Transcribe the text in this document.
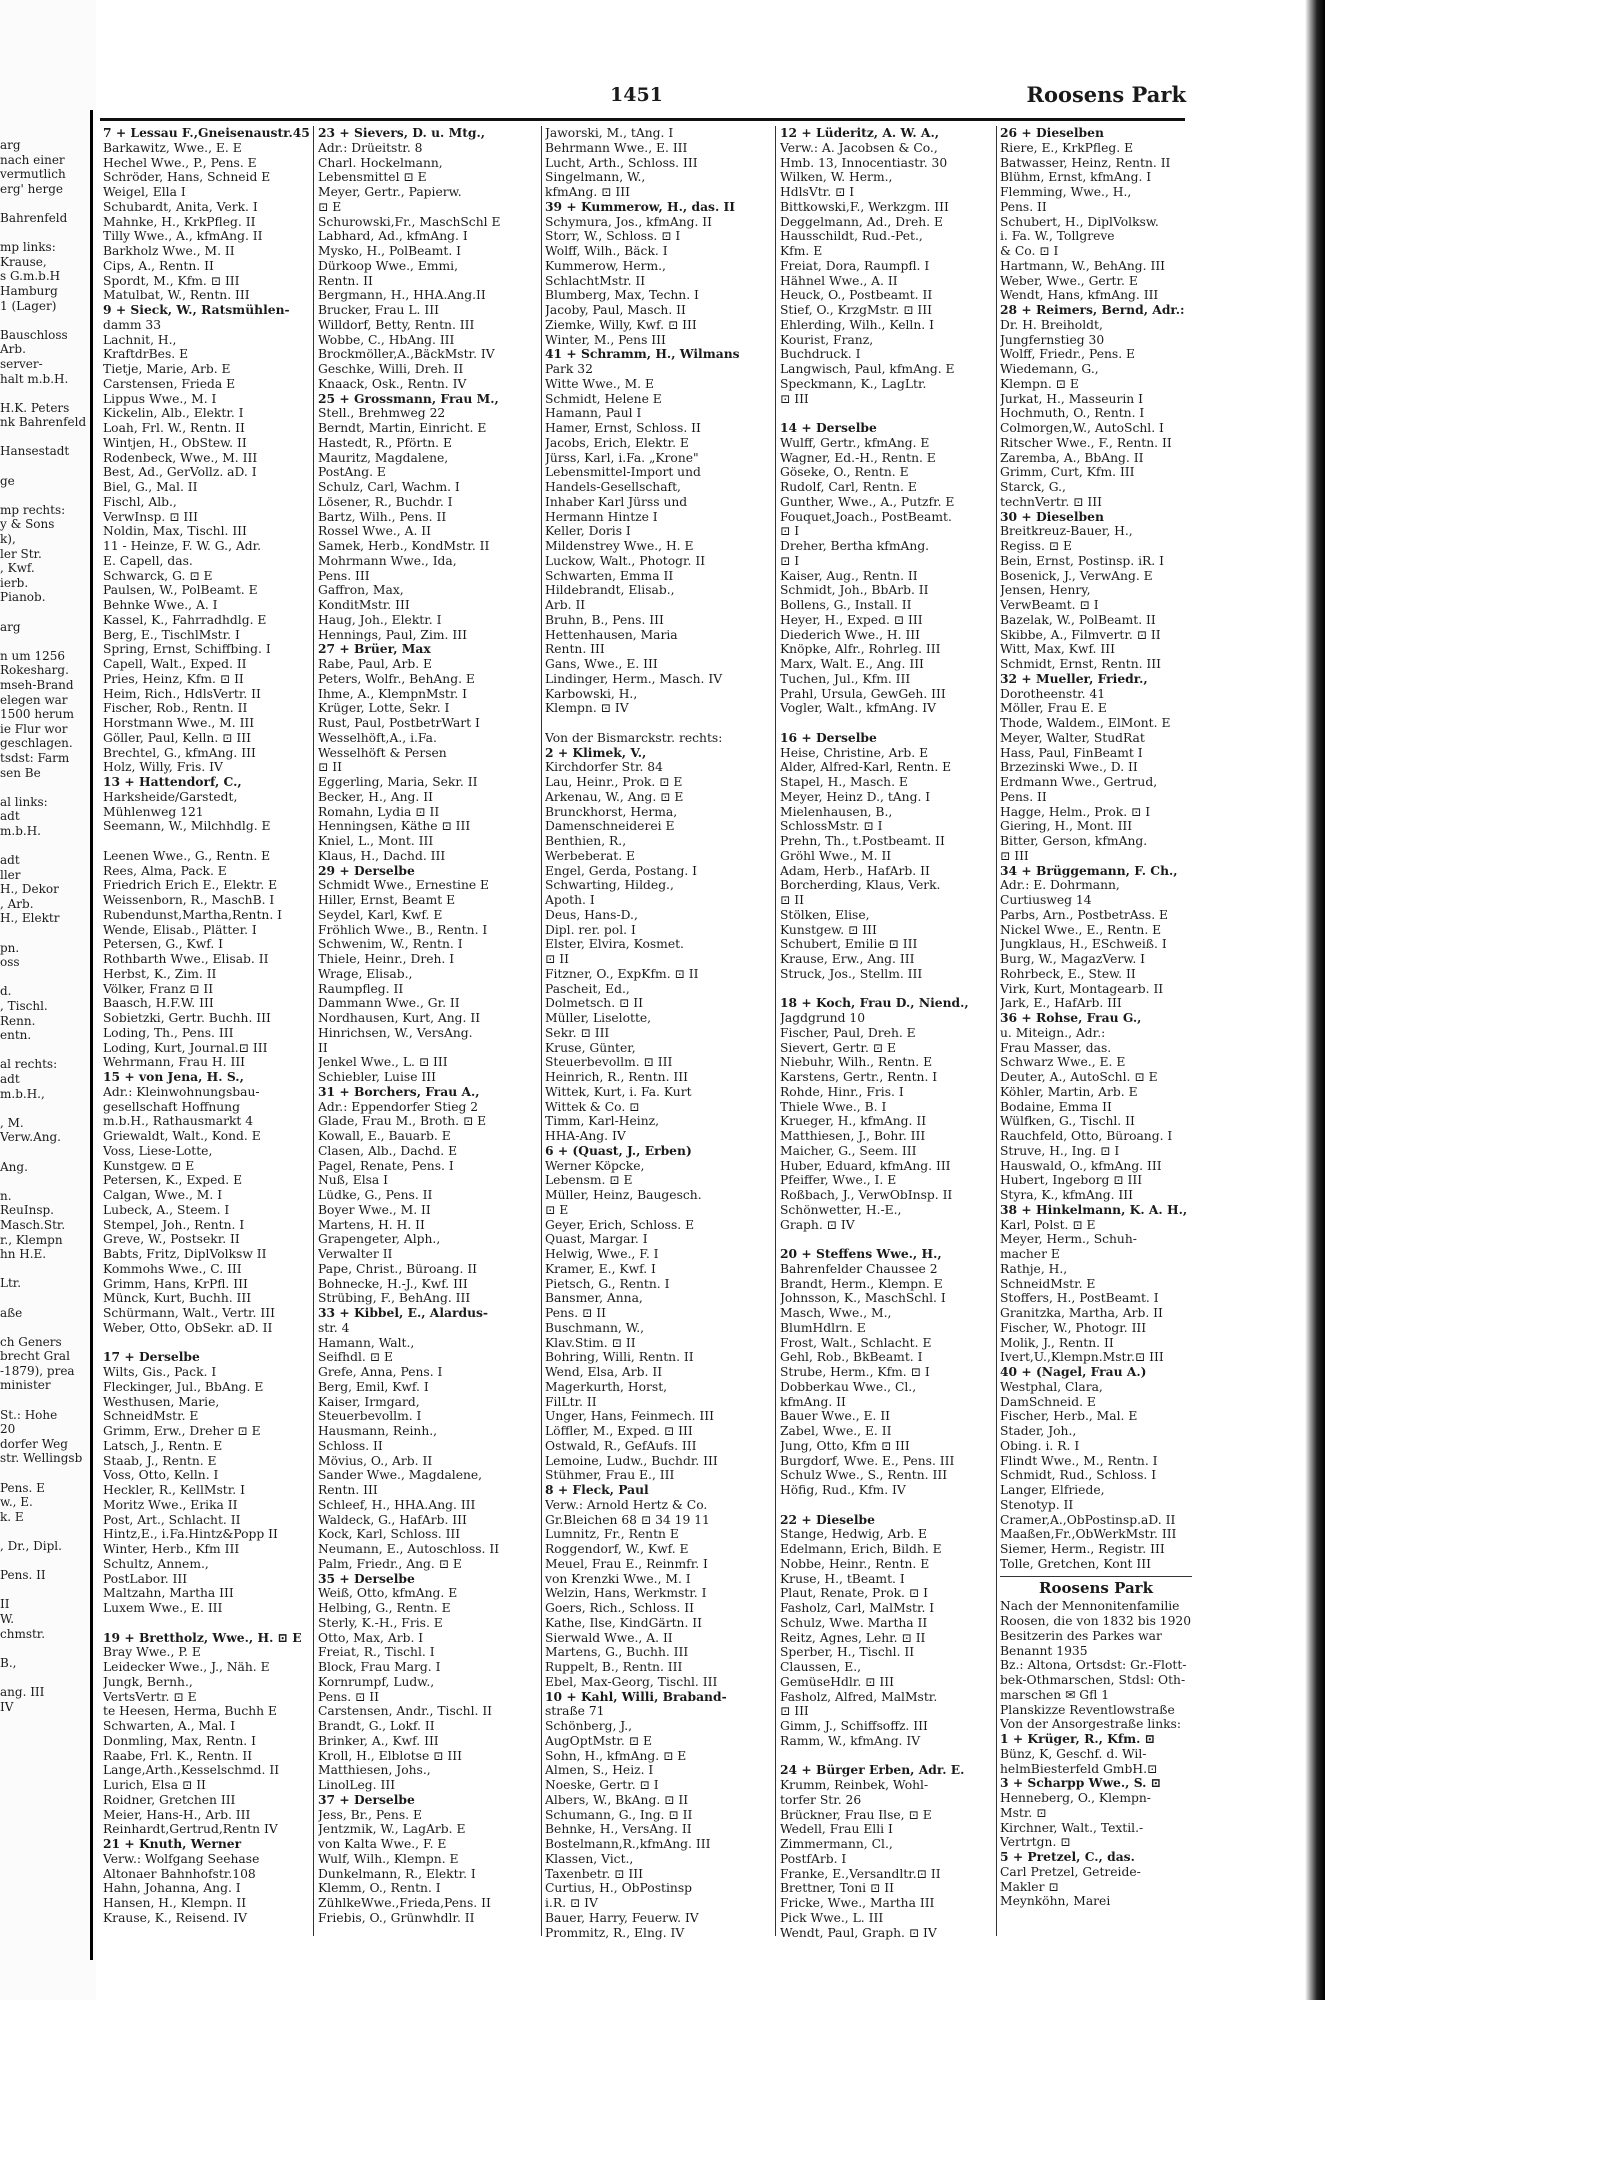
arg
nach einer
vermutlich
erg' herge

Bahrenfeld

mp links:
Krause,
s G.m.b.H
Hamburg
1 (Lager)

Bauschloss
Arb.
server-
halt m.b.H.

H.K. Peters
nk Bahrenfeld

Hansestadt

ge

mp rechts:
y & Sons
k),
ler Str.
, Kwf.
ierb.
Pianob.

arg

n um 1256
Rokesharg.
mseh-Brand
elegen war
1500 herum
ie Flur wor
geschlagen.
tsdst: Farm
sen Be

al links:
adt
m.b.H.

adt
ller
H., Dekor
, Arb.
H., Elektr

pn.
oss

d.
, Tischl.
Renn.
entn.

al rechts:
adt
m.b.H.,

, M.
Verw.Ang.

Ang.

n.
ReuInsp.
Masch.Str.
r., Klempn
hn H.E.

Ltr.

aße

ch Geners
brecht Gral
-1879), prea
minister

St.: Hohe
20
dorfer Weg
str. Wellingsb

Pens. E
w., E.
k. E

, Dr., Dipl.

Pens. II

II
W.
chmstr.

B.,

ang. III
IV
1451	Roosens Park
7 + Lessau F.,Gneisenaustr.45
Barkawitz, Wwe., E. E
Hechel Wwe., P., Pens. E
Schröder, Hans, Schneid E
Weigel, Ella I
Schubardt, Anita, Verk. I
Mahnke, H., KrkPfleg. II
Tilly Wwe., A., kfmAng. II
Barkholz Wwe., M. II
Cips, A., Rentn. II
Spordt, M., Kfm. ⊡ III
Matulbat, W., Rentn. III
9 + Sieck, W., Ratsmühlen-
damm 33
Lachnit, H.,
KraftdrBes. E
Tietje, Marie, Arb. E
Carstensen, Frieda E
Lippus Wwe., M. I
Kickelin, Alb., Elektr. I
Loah, Frl. W., Rentn. II
Wintjen, H., ObStew. II
Rodenbeck, Wwe., M. III
Best, Ad., GerVollz. aD. I
Biel, G., Mal. II
Fischl, Alb.,
VerwInsp. ⊡ III
Noldin, Max, Tischl. III
11 - Heinze, F. W. G., Adr.
E. Capell, das.
Schwarck, G. ⊡ E
Paulsen, W., PolBeamt. E
Behnke Wwe., A. I
Kassel, K., Fahrradhdlg. E
Berg, E., TischlMstr. I
Spring, Ernst, Schiffbing. I
Capell, Walt., Exped. II
Pries, Heinz, Kfm. ⊡ II
Heim, Rich., HdlsVertr. II
Fischer, Rob., Rentn. II
Horstmann Wwe., M. III
Göller, Paul, Kelln. ⊡ III
Brechtel, G., kfmAng. III
Holz, Willy, Fris. IV
13 + Hattendorf, C.,
Harksheide/Garstedt,
Mühlenweg 121
Seemann, W., Milchhdlg. E

Leenen Wwe., G., Rentn. E
Rees, Alma, Pack. E
Friedrich Erich E., Elektr. E
Weissenborn, R., MaschB. I
Rubendunst,Martha,Rentn. I
Wende, Elisab., Plätter. I
Petersen, G., Kwf. I
Rothbarth Wwe., Elisab. II
Herbst, K., Zim. II
Völker, Franz ⊡ II
Baasch, H.F.W. III
Sobietzki, Gertr. Buchh. III
Loding, Th., Pens. III
Loding, Kurt, Journal.⊡ III
Wehrmann, Frau H. III
15 + von Jena, H. S.,
Adr.: Kleinwohnungsbau-
gesellschaft Hoffnung
m.b.H., Rathausmarkt 4
Griewaldt, Walt., Kond. E
Voss, Liese-Lotte,
Kunstgew. ⊡ E
Petersen, K., Exped. E
Calgan, Wwe., M. I
Lubeck, A., Steem. I
Stempel, Joh., Rentn. I
Greve, W., Postsekr. II
Babts, Fritz, DiplVolksw II
Kommohs Wwe., C. III
Grimm, Hans, KrPfl. III
Münck, Kurt, Buchh. III
Schürmann, Walt., Vertr. III
Weber, Otto, ObSekr. aD. II

17 + Derselbe
Wilts, Gis., Pack. I
Fleckinger, Jul., BbAng. E
Westhusen, Marie,
SchneidMstr. E
Grimm, Erw., Dreher ⊡ E
Latsch, J., Rentn. E
Staab, J., Rentn. E
Voss, Otto, Kelln. I
Heckler, R., KellMstr. I
Moritz Wwe., Erika II
Post, Art., Schlacht. II
Hintz,E., i.Fa.Hintz&Popp II
Winter, Herb., Kfm III
Schultz, Annem.,
PostLabor. III
Maltzahn, Martha III
Luxem Wwe., E. III

19 + Brettholz, Wwe., H. ⊡ E
Bray Wwe., P. E
Leidecker Wwe., J., Näh. E
Jungk, Bernh.,
VertsVertr. ⊡ E
te Heesen, Herma, Buchh E
Schwarten, A., Mal. I
Donmling, Max, Rentn. I
Raabe, Frl. K., Rentn. II
Lange,Arth.,Kesselschmd. II
Lurich, Elsa ⊡ II
Roidner, Gretchen III
Meier, Hans-H., Arb. III
Reinhardt,Gertrud,Rentn IV
21 + Knuth, Werner
Verw.: Wolfgang Seehase
Altonaer Bahnhofstr.108
Hahn, Johanna, Ang. I
Hansen, H., Klempn. II
Krause, K., Reisend. IV
23 + Sievers, D. u. Mtg.,
Adr.: Drüeitstr. 8
Charl. Hockelmann,
Lebensmittel ⊡ E
Meyer, Gertr., Papierw.
⊡ E
Schurowski,Fr., MaschSchl E
Labhard, Ad., kfmAng. I
Mysko, H., PolBeamt. I
Dürkoop Wwe., Emmi,
Rentn. II
Bergmann, H., HHA.Ang.II
Brucker, Frau L. III
Willdorf, Betty, Rentn. III
Wobbe, C., HbAng. III
Brockmöller,A.,BäckMstr. IV
Geschke, Willi, Dreh. II
Knaack, Osk., Rentn. IV
25 + Grossmann, Frau M.,
Stell., Brehmweg 22
Berndt, Martin, Einricht. E
Hastedt, R., Pförtn. E
Mauritz, Magdalene,
PostAng. E
Schulz, Carl, Wachm. I
Lösener, R., Buchdr. I
Bartz, Wilh., Pens. II
Rossel Wwe., A. II
Samek, Herb., KondMstr. II
Mohrmann Wwe., Ida,
Pens. III
Gaffron, Max,
KonditMstr. III
Haug, Joh., Elektr. I
Hennings, Paul, Zim. III
27 + Brüer, Max
Rabe, Paul, Arb. E
Peters, Wolfr., BehAng. E
Ihme, A., KlempnMstr. I
Krüger, Lotte, Sekr. I
Rust, Paul, PostbetrWart I
Wesselhöft,A., i.Fa.
Wesselhöft & Persen
⊡ II
Eggerling, Maria, Sekr. II
Becker, H., Ang. II
Romahn, Lydia ⊡ II
Henningsen, Käthe ⊡ III
Kniel, L., Mont. III
Klaus, H., Dachd. III
29 + Derselbe
Schmidt Wwe., Ernestine E
Hiller, Ernst, Beamt E
Seydel, Karl, Kwf. E
Fröhlich Wwe., B., Rentn. I
Schwenim, W., Rentn. I
Thiele, Heinr., Dreh. I
Wrage, Elisab.,
Raumpfleg. II
Dammann Wwe., Gr. II
Nordhausen, Kurt, Ang. II
Hinrichsen, W., VersAng.
II
Jenkel Wwe., L. ⊡ III
Schiebler, Luise III
31 + Borchers, Frau A.,
Adr.: Eppendorfer Stieg 2
Glade, Frau M., Broth. ⊡ E
Kowall, E., Bauarb. E
Clasen, Alb., Dachd. E
Pagel, Renate, Pens. I
Nuß, Elsa I
Lüdke, G., Pens. II
Boyer Wwe., M. II
Martens, H. H. II
Grapengeter, Alph.,
Verwalter II
Pape, Christ., Büroang. II
Bohnecke, H.-J., Kwf. III
Strübing, F., BehAng. III
33 + Kibbel, E., Alardus-
str. 4
Hamann, Walt.,
Seifhdl. ⊡ E
Grefe, Anna, Pens. I
Berg, Emil, Kwf. I
Kaiser, Irmgard,
Steuerbevollm. I
Hausmann, Reinh.,
Schloss. II
Mövius, O., Arb. II
Sander Wwe., Magdalene,
Rentn. III
Schleef, H., HHA.Ang. III
Waldeck, G., HafArb. III
Kock, Karl, Schloss. III
Neumann, E., Autoschloss. II
Palm, Friedr., Ang. ⊡ E
35 + Derselbe
Weiß, Otto, kfmAng. E
Helbing, G., Rentn. E
Sterly, K.-H., Fris. E
Otto, Max, Arb. I
Freiat, R., Tischl. I
Block, Frau Marg. I
Kornrumpf, Ludw.,
Pens. ⊡ II
Carstensen, Andr., Tischl. II
Brandt, G., Lokf. II
Brinker, A., Kwf. III
Kroll, H., Elblotse ⊡ III
Matthiesen, Johs.,
LinolLeg. III
37 + Derselbe
Jess, Br., Pens. E
Jentzmik, W., LagArb. E
von Kalta Wwe., F. E
Wulf, Wilh., Klempn. E
Dunkelmann, R., Elektr. I
Klemm, O., Rentn. I
ZühlkeWwe.,Frieda,Pens. II
Friebis, O., Grünwhdlr. II
Jaworski, M., tAng. I
Behrmann Wwe., E. III
Lucht, Arth., Schloss. III
Singelmann, W.,
kfmAng. ⊡ III
39 + Kummerow, H., das. II
Schymura, Jos., kfmAng. II
Storr, W., Schloss. ⊡ I
Wolff, Wilh., Bäck. I
Kummerow, Herm.,
SchlachtMstr. II
Blumberg, Max, Techn. I
Jacoby, Paul, Masch. II
Ziemke, Willy, Kwf. ⊡ III
Winter, M., Pens III
41 + Schramm, H., Wilmans
Park 32
Witte Wwe., M. E
Schmidt, Helene E
Hamann, Paul I
Hamer, Ernst, Schloss. II
Jacobs, Erich, Elektr. E
Jürss, Karl, i.Fa. „Krone"
Lebensmittel-Import und
Handels-Gesellschaft,
Inhaber Karl Jürss und
Hermann Hintze I
Keller, Doris I
Mildenstrey Wwe., H. E
Luckow, Walt., Photogr. II
Schwarten, Emma II
Hildebrandt, Elisab.,
Arb. II
Bruhn, B., Pens. III
Hettenhausen, Maria
Rentn. III
Gans, Wwe., E. III
Lindinger, Herm., Masch. IV
Karbowski, H.,
Klempn. ⊡ IV

Von der Bismarckstr. rechts:
2 + Klimek, V.,
Kirchdorfer Str. 84
Lau, Heinr., Prok. ⊡ E
Arkenau, W., Ang. ⊡ E
Brunckhorst, Herma,
Damenschneiderei E
Benthien, R.,
Werbeberat. E
Engel, Gerda, Postang. I
Schwarting, Hildeg.,
Apoth. I
Deus, Hans-D.,
Dipl. rer. pol. I
Elster, Elvira, Kosmet.
⊡ II
Fitzner, O., ExpKfm. ⊡ II
Pascheit, Ed.,
Dolmetsch. ⊡ II
Müller, Liselotte,
Sekr. ⊡ III
Kruse, Günter,
Steuerbevollm. ⊡ III
Heinrich, R., Rentn. III
Wittek, Kurt, i. Fa. Kurt
Wittek & Co. ⊡
Timm, Karl-Heinz,
HHA-Ang. IV
6 + (Quast, J., Erben)
Werner Köpcke,
Lebensm. ⊡ E
Müller, Heinz, Baugesch.
⊡ E
Geyer, Erich, Schloss. E
Quast, Margar. I
Helwig, Wwe., F. I
Kramer, E., Kwf. I
Pietsch, G., Rentn. I
Bansmer, Anna,
Pens. ⊡ II
Buschmann, W.,
Klav.Stim. ⊡ II
Bohring, Willi, Rentn. II
Wend, Elsa, Arb. II
Magerkurth, Horst,
FilLtr. II
Unger, Hans, Feinmech. III
Löffler, M., Exped. ⊡ III
Ostwald, R., GefAufs. III
Lemoine, Ludw., Buchdr. III
Stühmer, Frau E., III
8 + Fleck, Paul
Verw.: Arnold Hertz & Co.
Gr.Bleichen 68 ⊡ 34 19 11
Lumnitz, Fr., Rentn E
Roggendorf, W., Kwf. E
Meuel, Frau E., Reinmfr. I
von Krenzki Wwe., M. I
Welzin, Hans, Werkmstr. I
Goers, Rich., Schloss. II
Kathe, Ilse, KindGärtn. II
Sierwald Wwe., A. II
Martens, G., Buchh. III
Ruppelt, B., Rentn. III
Ebel, Max-Georg, Tischl. III
10 + Kahl, Willi, Braband-
straße 71
Schönberg, J.,
AugOptMstr. ⊡ E
Sohn, H., kfmAng. ⊡ E
Almen, S., Heiz. I
Noeske, Gertr. ⊡ I
Albers, W., BkAng. ⊡ II
Schumann, G., Ing. ⊡ II
Behnke, H., VersAng. II
Bostelmann,R.,kfmAng. III
Klassen, Vict.,
Taxenbetr. ⊡ III
Curtius, H., ObPostinsp
i.R. ⊡ IV
Bauer, Harry, Feuerw. IV
Prommitz, R., Elng. IV
12 + Lüderitz, A. W. A.,
Verw.: A. Jacobsen & Co.,
Hmb. 13, Innocentiastr. 30
Wilken, W. Herm.,
HdlsVtr. ⊡ I
Bittkowski,F., Werkzgm. III
Deggelmann, Ad., Dreh. E
Hausschildt, Rud.-Pet.,
Kfm. E
Freiat, Dora, Raumpfl. I
Hähnel Wwe., A. II
Heuck, O., Postbeamt. II
Stief, O., KrzgMstr. ⊡ III
Ehlerding, Wilh., Kelln. I
Kourist, Franz,
Buchdruck. I
Langwisch, Paul, kfmAng. E
Speckmann, K., LagLtr.
⊡ III

14 + Derselbe
Wulff, Gertr., kfmAng. E
Wagner, Ed.-H., Rentn. E
Göseke, O., Rentn. E
Rudolf, Carl, Rentn. E
Gunther, Wwe., A., Putzfr. E
Fouquet,Joach., PostBeamt.
⊡ I
Dreher, Bertha kfmAng.
⊡ I
Kaiser, Aug., Rentn. II
Schmidt, Joh., BbArb. II
Bollens, G., Install. II
Heyer, H., Exped. ⊡ III
Diederich Wwe., H. III
Knöpke, Alfr., Rohrleg. III
Marx, Walt. E., Ang. III
Tuchen, Jul., Kfm. III
Prahl, Ursula, GewGeh. III
Vogler, Walt., kfmAng. IV

16 + Derselbe
Heise, Christine, Arb. E
Alder, Alfred-Karl, Rentn. E
Stapel, H., Masch. E
Meyer, Heinz D., tAng. I
Mielenhausen, B.,
SchlossMstr. ⊡ I
Prehn, Th., t.Postbeamt. II
Gröhl Wwe., M. II
Adam, Herb., HafArb. II
Borcherding, Klaus, Verk.
⊡ II
Stölken, Elise,
Kunstgew. ⊡ III
Schubert, Emilie ⊡ III
Krause, Erw., Ang. III
Struck, Jos., Stellm. III

18 + Koch, Frau D., Niend.,
Jagdgrund 10
Fischer, Paul, Dreh. E
Sievert, Gertr. ⊡ E
Niebuhr, Wilh., Rentn. E
Karstens, Gertr., Rentn. I
Rohde, Hinr., Fris. I
Thiele Wwe., B. I
Krueger, H., kfmAng. II
Matthiesen, J., Bohr. III
Maicher, G., Seem. III
Huber, Eduard, kfmAng. III
Pfeiffer, Wwe., I. E
Roßbach, J., VerwObInsp. II
Schönwetter, H.-E.,
Graph. ⊡ IV

20 + Steffens Wwe., H.,
Bahrenfelder Chaussee 2
Brandt, Herm., Klempn. E
Johnsson, K., MaschSchl. I
Masch, Wwe., M.,
BlumHdlrn. E
Frost, Walt., Schlacht. E
Gehl, Rob., BkBeamt. I
Strube, Herm., Kfm. ⊡ I
Dobberkau Wwe., Cl.,
kfmAng. II
Bauer Wwe., E. II
Zabel, Wwe., E. II
Jung, Otto, Kfm ⊡ III
Burgdorf, Wwe. E., Pens. III
Schulz Wwe., S., Rentn. III
Höfig, Rud., Kfm. IV

22 + Dieselbe
Stange, Hedwig, Arb. E
Edelmann, Erich, Bildh. E
Nobbe, Heinr., Rentn. E
Kruse, H., tBeamt. I
Plaut, Renate, Prok. ⊡ I
Fasholz, Carl, MalMstr. I
Schulz, Wwe. Martha II
Reitz, Agnes, Lehr. ⊡ II
Sperber, H., Tischl. II
Claussen, E.,
GemüseHdlr. ⊡ III
Fasholz, Alfred, MalMstr.
⊡ III
Gimm, J., Schiffsoffz. III
Ramm, W., kfmAng. IV

24 + Bürger Erben, Adr. E.
Krumm, Reinbek, Wohl-
torfer Str. 26
Brückner, Frau Ilse, ⊡ E
Wedell, Frau Elli I
Zimmermann, Cl.,
PostfArb. I
Franke, E.,Versandltr.⊡ II
Brettner, Toni ⊡ II
Fricke, Wwe., Martha III
Pick Wwe., L. III
Wendt, Paul, Graph. ⊡ IV
26 + Dieselben
Riere, E., KrkPfleg. E
Batwasser, Heinz, Rentn. II
Blühm, Ernst, kfmAng. I
Flemming, Wwe., H.,
Pens. II
Schubert, H., DiplVolksw.
i. Fa. W., Tollgreve
& Co. ⊡ I
Hartmann, W., BehAng. III
Weber, Wwe., Gertr. E
Wendt, Hans, kfmAng. III
28 + Reimers, Bernd, Adr.:
Dr. H. Breiholdt,
Jungfernstieg 30
Wolff, Friedr., Pens. E
Wiedemann, G.,
Klempn. ⊡ E
Jurkat, H., Masseurin I
Hochmuth, O., Rentn. I
Colmorgen,W., AutoSchl. I
Ritscher Wwe., F., Rentn. II
Zaremba, A., BbAng. II
Grimm, Curt, Kfm. III
Starck, G.,
technVertr. ⊡ III
30 + Dieselben
Breitkreuz-Bauer, H.,
Regiss. ⊡ E
Bein, Ernst, Postinsp. iR. I
Bosenick, J., VerwAng. E
Jensen, Henry,
VerwBeamt. ⊡ I
Bazelak, W., PolBeamt. II
Skibbe, A., Filmvertr. ⊡ II
Witt, Max, Kwf. III
Schmidt, Ernst, Rentn. III
32 + Mueller, Friedr.,
Dorotheenstr. 41
Möller, Frau E. E
Thode, Waldem., ElMont. E
Meyer, Walter, StudRat
Hass, Paul, FinBeamt I
Brzezinski Wwe., D. II
Erdmann Wwe., Gertrud,
Pens. II
Hagge, Helm., Prok. ⊡ I
Giering, H., Mont. III
Bitter, Gerson, kfmAng.
⊡ III
34 + Brüggemann, F. Ch.,
Adr.: E. Dohrmann,
Curtiusweg 14
Parbs, Arn., PostbetrAss. E
Nickel Wwe., E., Rentn. E
Jungklaus, H., ESchweiß. I
Burg, W., MagazVerw. I
Rohrbeck, E., Stew. II
Virk, Kurt, Montagearb. II
Jark, E., HafArb. III
36 + Rohse, Frau G.,
u. Miteign., Adr.:
Frau Masser, das.
Schwarz Wwe., E. E
Deuter, A., AutoSchl. ⊡ E
Köhler, Martin, Arb. E
Bodaine, Emma II
Wülfken, G., Tischl. II
Rauchfeld, Otto, Büroang. I
Struve, H., Ing. ⊡ I
Hauswald, O., kfmAng. III
Hubert, Ingeborg ⊡ III
Styra, K., kfmAng. III
38 + Hinkelmann, K. A. H.,
Karl, Polst. ⊡ E
Meyer, Herm., Schuh-
macher E
Rathje, H.,
SchneidMstr. E
Stoffers, H., PostBeamt. I
Granitzka, Martha, Arb. II
Fischer, W., Photogr. III
Molik, J., Rentn. II
Ivert,U.,Klempn.Mstr.⊡ III
40 + (Nagel, Frau A.)
Westphal, Clara,
DamSchneid. E
Fischer, Herb., Mal. E
Stader, Joh.,
Obing. i. R. I
Flindt Wwe., M., Rentn. I
Schmidt, Rud., Schloss. I
Langer, Elfriede,
Stenotyp. II
Cramer,A.,ObPostinsp.aD. II
Maaßen,Fr.,ObWerkMstr. III
Siemer, Herm., Registr. III
Tolle, Gretchen, Kont III
Roosens Park
Nach der Mennonitenfamilie
Roosen, die von 1832 bis 1920
Besitzerin des Parkes war
Benannt 1935
Bz.: Altona, Ortsdst: Gr.-Flott-
bek-Othmarschen, Stdsl: Oth-
marschen ✉ Gfl 1
Planskizze Reventlowstraße
Von der Ansorgestraße links:
1 + Krüger, R., Kfm. ⊡
Bünz, K, Geschf. d. Wil-
helmBiesterfeld GmbH.⊡
3 + Scharpp Wwe., S. ⊡
Henneberg, O., Klempn-
Mstr. ⊡
Kirchner, Walt., Textil.-
Vertrtgn. ⊡
5 + Pretzel, C., das.
Carl Pretzel, Getreide-
Makler ⊡
Meynköhn, Marei
